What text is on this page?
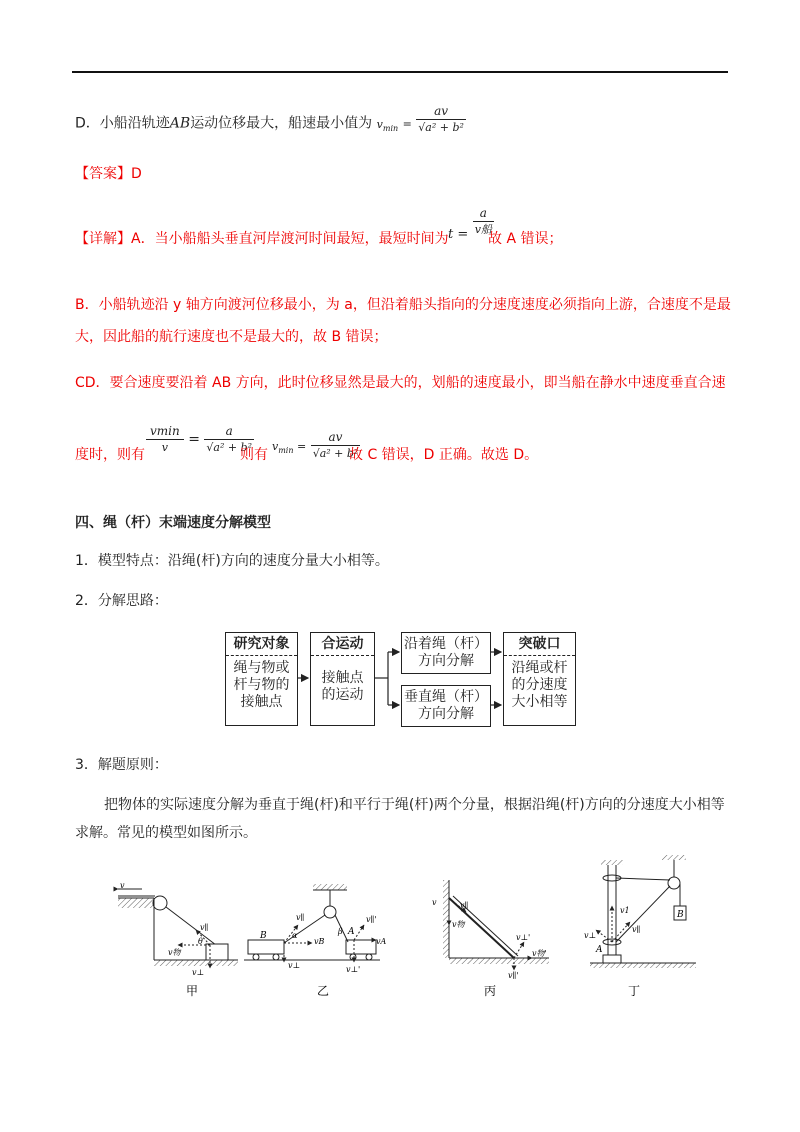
D．小船沿轨迹AB运动位移最大，船速最小值为 $v_{min} = \frac{av}{\text{√a² + b²}}$
【答案】D
【详解】A．当小船船头垂直河岸渡河时间最短，最短时间为 $t = \frac{a}{\text{v船}}$
故 A 错误；
B．小船轨迹沿 y 轴方向渡河位移最小，为 a，但沿着船头指向的分速度速度必须指向上游，合速度不是最
大，因此船的航行速度也不是最大的，故 B 错误；
CD．要合速度要沿着 AB 方向，此时位移显然是最大的，划船的速度最小，即当船在静水中速度垂直合速
度时，则有 $\frac{vmin}{v} = \frac{a}{\text{√a² + b²}}$
则有
$v_{min} = \frac{av}{\text{√a² + b²}}$
故 C 错误，D 正确。故选 D。
四、绳（杆）末端速度分解模型
1．模型特点：沿绳(杆)方向的速度分量大小相等。
2．分解思路：
研究对象
绳与物或
杆与物的
接触点
合运动
接触点
的运动
沿着绳（杆）
方向分解
垂直绳（杆）
方向分解
突破口
沿绳或杆
的分速度
大小相等
3．解题原则：
把物体的实际速度分解为垂直于绳(杆)和平行于绳(杆)两个分量，根据沿绳(杆)方向的分速度大小相等
求解。常见的模型如图所示。
v
v∥
θ
v物
v⊥
甲
v∥
α	β
vB	vA
v⊥
B	A
v∥'
v⊥'
乙
v	v∥
v物
v⊥'
v物'
v∥'
丙
v1
v⊥
v∥
A
B
丁
